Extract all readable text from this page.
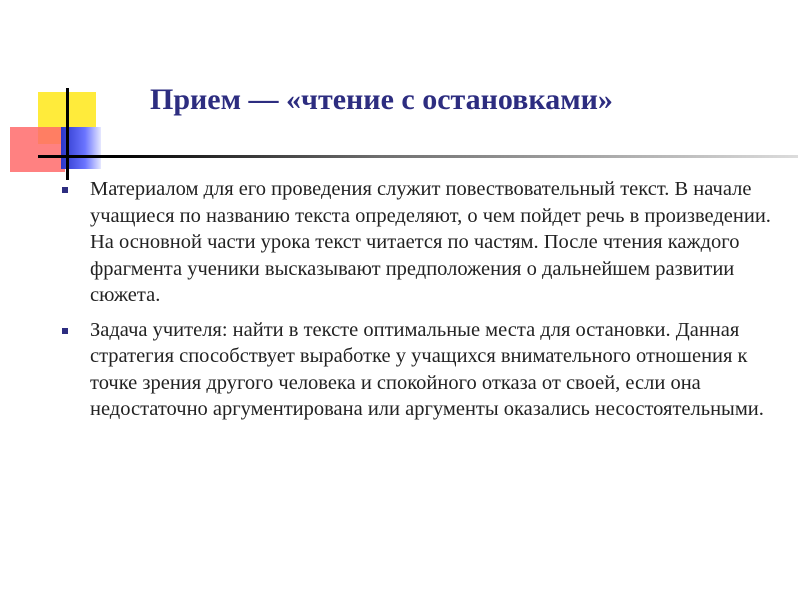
Прием — «чтение с остановками»
Материалом для его проведения служит повествовательный текст. В начале учащиеся по названию текста определяют, о чем пойдет речь в произведении. На основной части урока текст читается по частям. После чтения каждого фрагмента ученики высказывают предположения о дальнейшем развитии сюжета.
Задача учителя: найти в тексте оптимальные места для остановки. Данная стратегия способствует выработке у учащихся внимательного отношения к точке зрения другого человека и спокойного отказа от своей, если она недостаточно аргументирована или аргументы оказались несостоятельными.
